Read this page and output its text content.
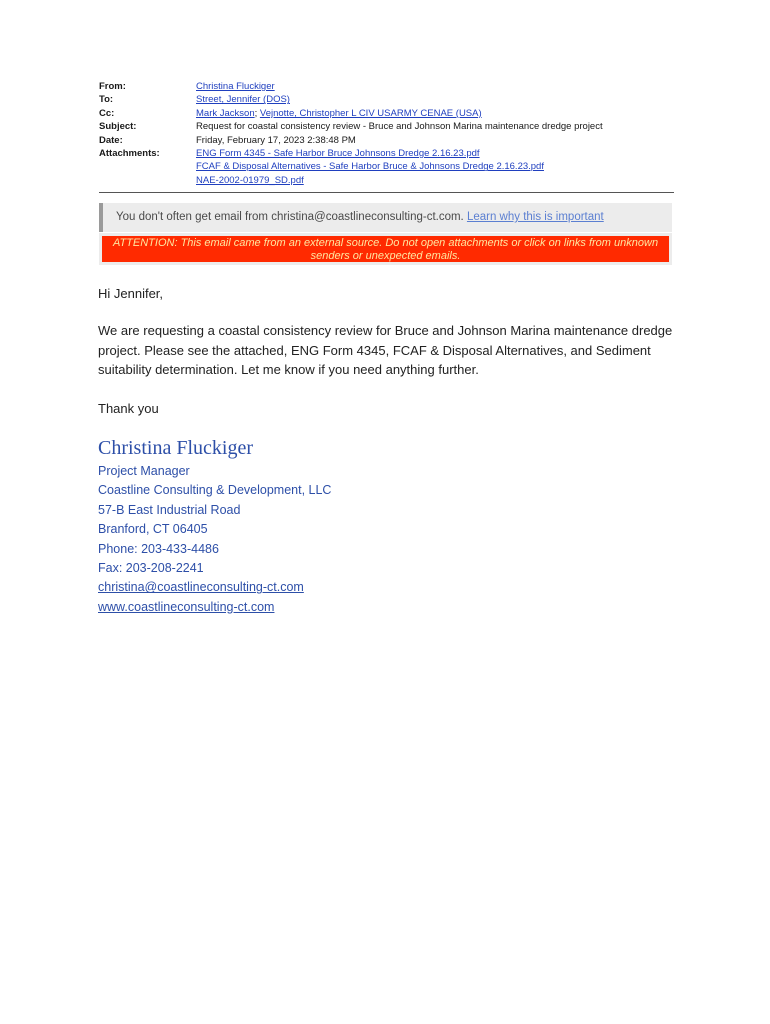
From:	Christina Fluckiger
To:	Street, Jennifer (DOS)
Cc:	Mark Jackson; Vejnotte, Christopher L CIV USARMY CENAE (USA)
Subject:	Request for coastal consistency review - Bruce and Johnson Marina maintenance dredge project
Date:	Friday, February 17, 2023 2:38:48 PM
Attachments:	ENG Form 4345 - Safe Harbor Bruce Johnsons Dredge 2.16.23.pdf
FCAF & Disposal Alternatives - Safe Harbor Bruce & Johnsons Dredge 2.16.23.pdf
NAE-2002-01979_SD.pdf
You don't often get email from christina@coastlineconsulting-ct.com. Learn why this is important
ATTENTION: This email came from an external source. Do not open attachments or click on links from unknown
senders or unexpected emails.
Hi Jennifer,
We are requesting a coastal consistency review for Bruce and Johnson Marina maintenance dredge project. Please see the attached, ENG Form 4345, FCAF & Disposal Alternatives, and Sediment suitability determination. Let me know if you need anything further.
Thank you
Christina Fluckiger
Project Manager
Coastline Consulting & Development, LLC
57-B East Industrial Road
Branford, CT 06405
Phone: 203-433-4486
Fax: 203-208-2241
christina@coastlineconsulting-ct.com
www.coastlineconsulting-ct.com
